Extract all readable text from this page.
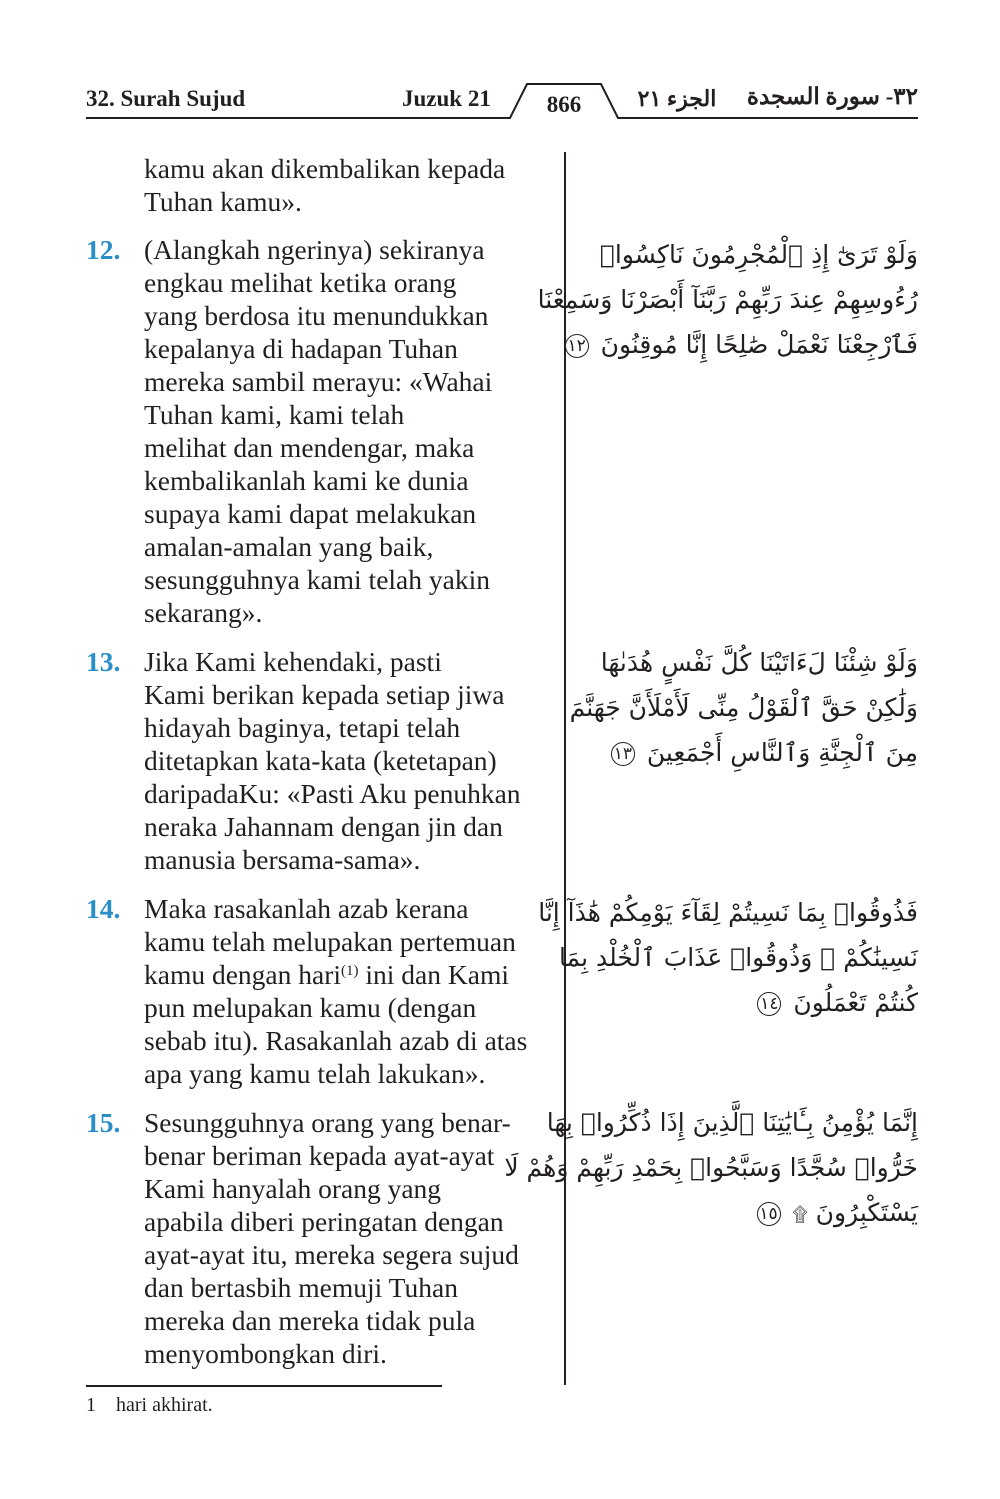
32. Surah Sujud	Juzuk 21	866	الجزء ٢١	٣٢- سورة السجدة
kamu akan dikembalikan kepada
Tuhan kamu».
12. (Alangkah ngerinya) sekiranya
engkau melihat ketika orang
yang berdosa itu menundukkan
kepalanya di hadapan Tuhan
mereka sambil merayu: «Wahai
Tuhan kami, kami telah
melihat dan mendengar, maka
kembalikanlah kami ke dunia
supaya kami dapat melakukan
amalan-amalan yang baik,
sesungguhnya kami telah yakin
sekarang».
وَلَوْ تَرَىٰٓ إِذِ ٱلْمُجْرِمُونَ نَاكِسُوا۟
رُءُوسِهِمْ عِندَ رَبِّهِمْ رَبَّنَآ أَبْصَرْنَا وَسَمِعْنَا
فَٱرْجِعْنَا نَعْمَلْ صَٰلِحًا إِنَّا مُوقِنُونَ ١٢
13. Jika Kami kehendaki, pasti
Kami berikan kepada setiap jiwa
hidayah baginya, tetapi telah
ditetapkan kata-kata (ketetapan)
daripadaKu: «Pasti Aku penuhkan
neraka Jahannam dengan jin dan
manusia bersama-sama».
وَلَوْ شِئْنَا لَءَاتَيْنَا كُلَّ نَفْسٍ هُدَىٰهَا
وَلَٰكِنْ حَقَّ ٱلْقَوْلُ مِنِّى لَأَمْلَأَنَّ جَهَنَّمَ
مِنَ ٱلْجِنَّةِ وَٱلنَّاسِ أَجْمَعِينَ ١٣
14. Maka rasakanlah azab kerana
kamu telah melupakan pertemuan
kamu dengan hari$^{(1)}$ ini dan Kami
pun melupakan kamu (dengan
sebab itu). Rasakanlah azab di atas
apa yang kamu telah lakukan».
فَذُوقُوا۟ بِمَا نَسِيتُمْ لِقَآءَ يَوْمِكُمْ هَٰذَآ إِنَّا
نَسِينَٰكُمْ ۖ وَذُوقُوا۟ عَذَابَ ٱلْخُلْدِ بِمَا
كُنتُمْ تَعْمَلُونَ ١٤
15. Sesungguhnya orang yang benar-
benar beriman kepada ayat-ayat
Kami hanyalah orang yang
apabila diberi peringatan dengan
ayat-ayat itu, mereka segera sujud
dan bertasbih memuji Tuhan
mereka dan mereka tidak pula
menyombongkan diri.
إِنَّمَا يُؤْمِنُ بِـَٔايَٰتِنَا ٱلَّذِينَ إِذَا ذُكِّرُوا۟ بِهَا
خَرُّوا۟ سُجَّدًا وَسَبَّحُوا۟ بِحَمْدِ رَبِّهِمْ وَهُمْ لَا
يَسْتَكْبِرُونَ ۩ ١٥
1 hari akhirat.
